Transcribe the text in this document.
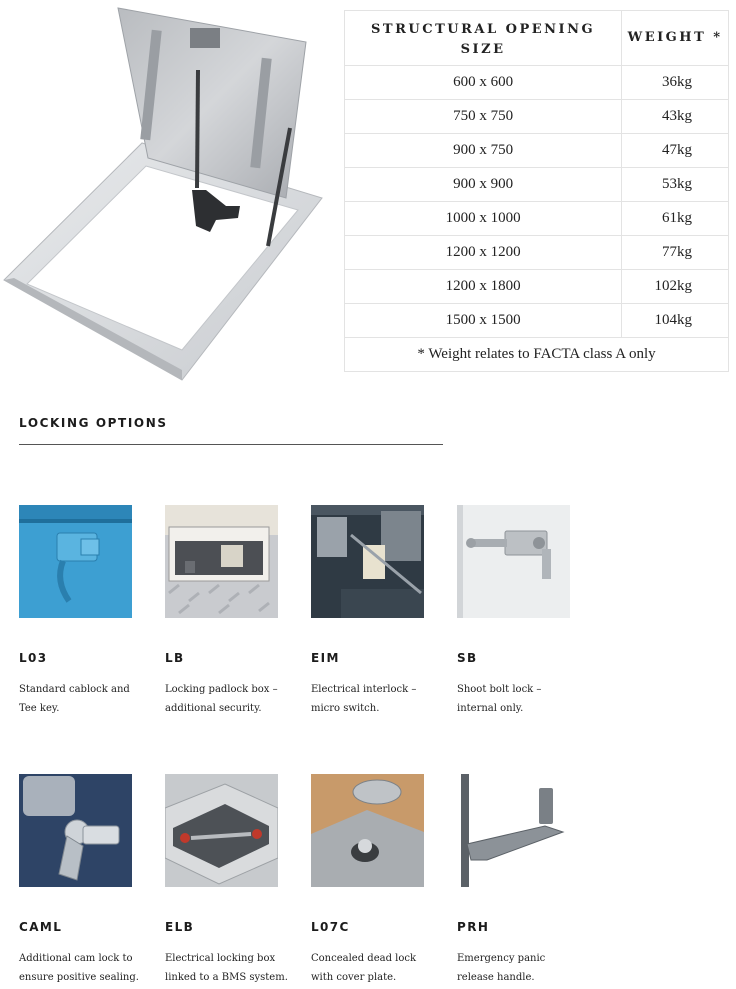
STRUCTURAL OPENING SIZE	WEIGHT *
600 x 600	36kg
750 x 750	43kg
900 x 750	47kg
900 x 900	53kg
1000 x 1000	61kg
1200 x 1200	77kg
1200 x 1800	102kg
1500 x 1500	104kg
* Weight relates to FACTA class A only	
LOCKING OPTIONS
L03
Standard cablock and Tee key.
LB
Locking padlock box – additional security.
EIM
Electrical interlock – micro switch.
SB
Shoot bolt lock – internal only.
CAML
Additional cam lock to ensure positive sealing.
ELB
Electrical locking box linked to a BMS system.
L07C
Concealed dead lock with cover plate.
PRH
Emergency panic release handle.
